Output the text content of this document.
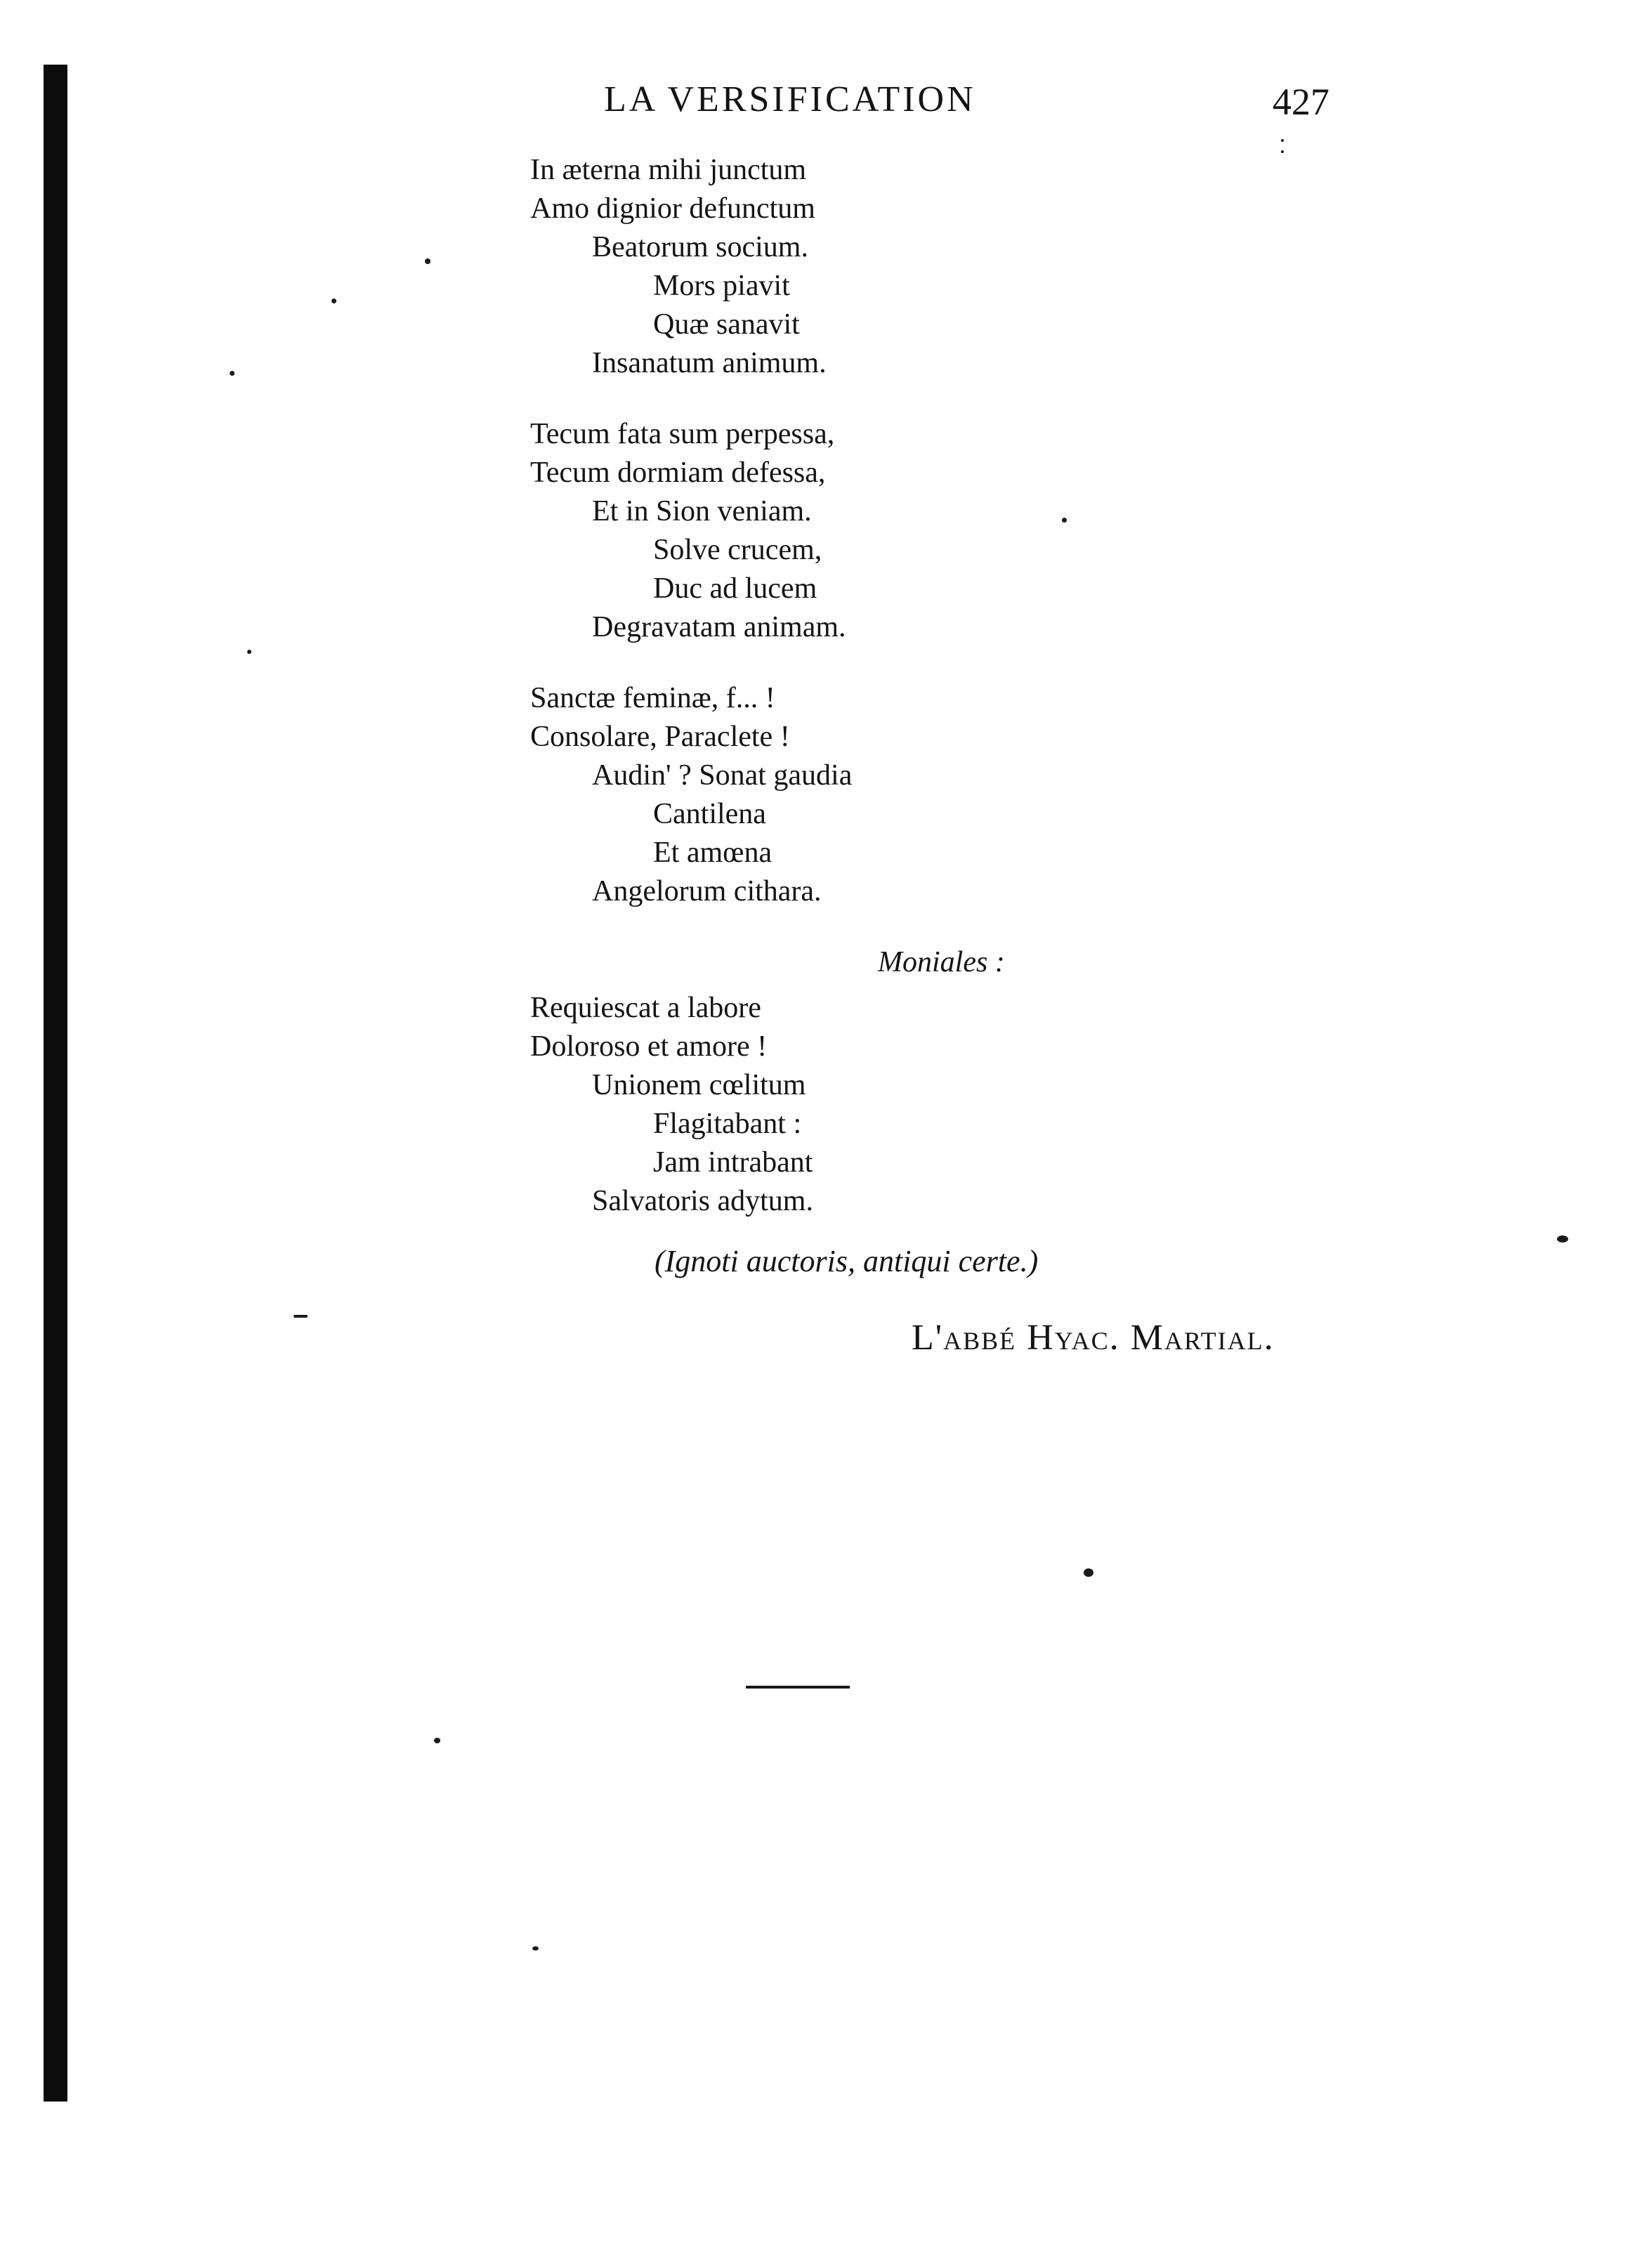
LA VERSIFICATION	427
In æterna mihi junctum
Amo dignior defunctum
Beatorum socium.
Mors piavit
Quæ sanavit
Insanatum animum.
Tecum fata sum perpessa,
Tecum dormiam defessa,
Et in Sion veniam.
Solve crucem,
Duc ad lucem
Degravatam animam.
Sanctæ feminæ, f... !
Consolare, Paraclete !
Audin' ? Sonat gaudia
Cantilena
Et amœna
Angelorum cithara.
Moniales :
Requiescat a labore
Doloroso et amore !
Unionem cœlitum
Flagitabant :
Jam intrabant
Salvatoris adytum.
(Ignoti auctoris, antiqui certe.)
L'abbé Hyac. Martial.
